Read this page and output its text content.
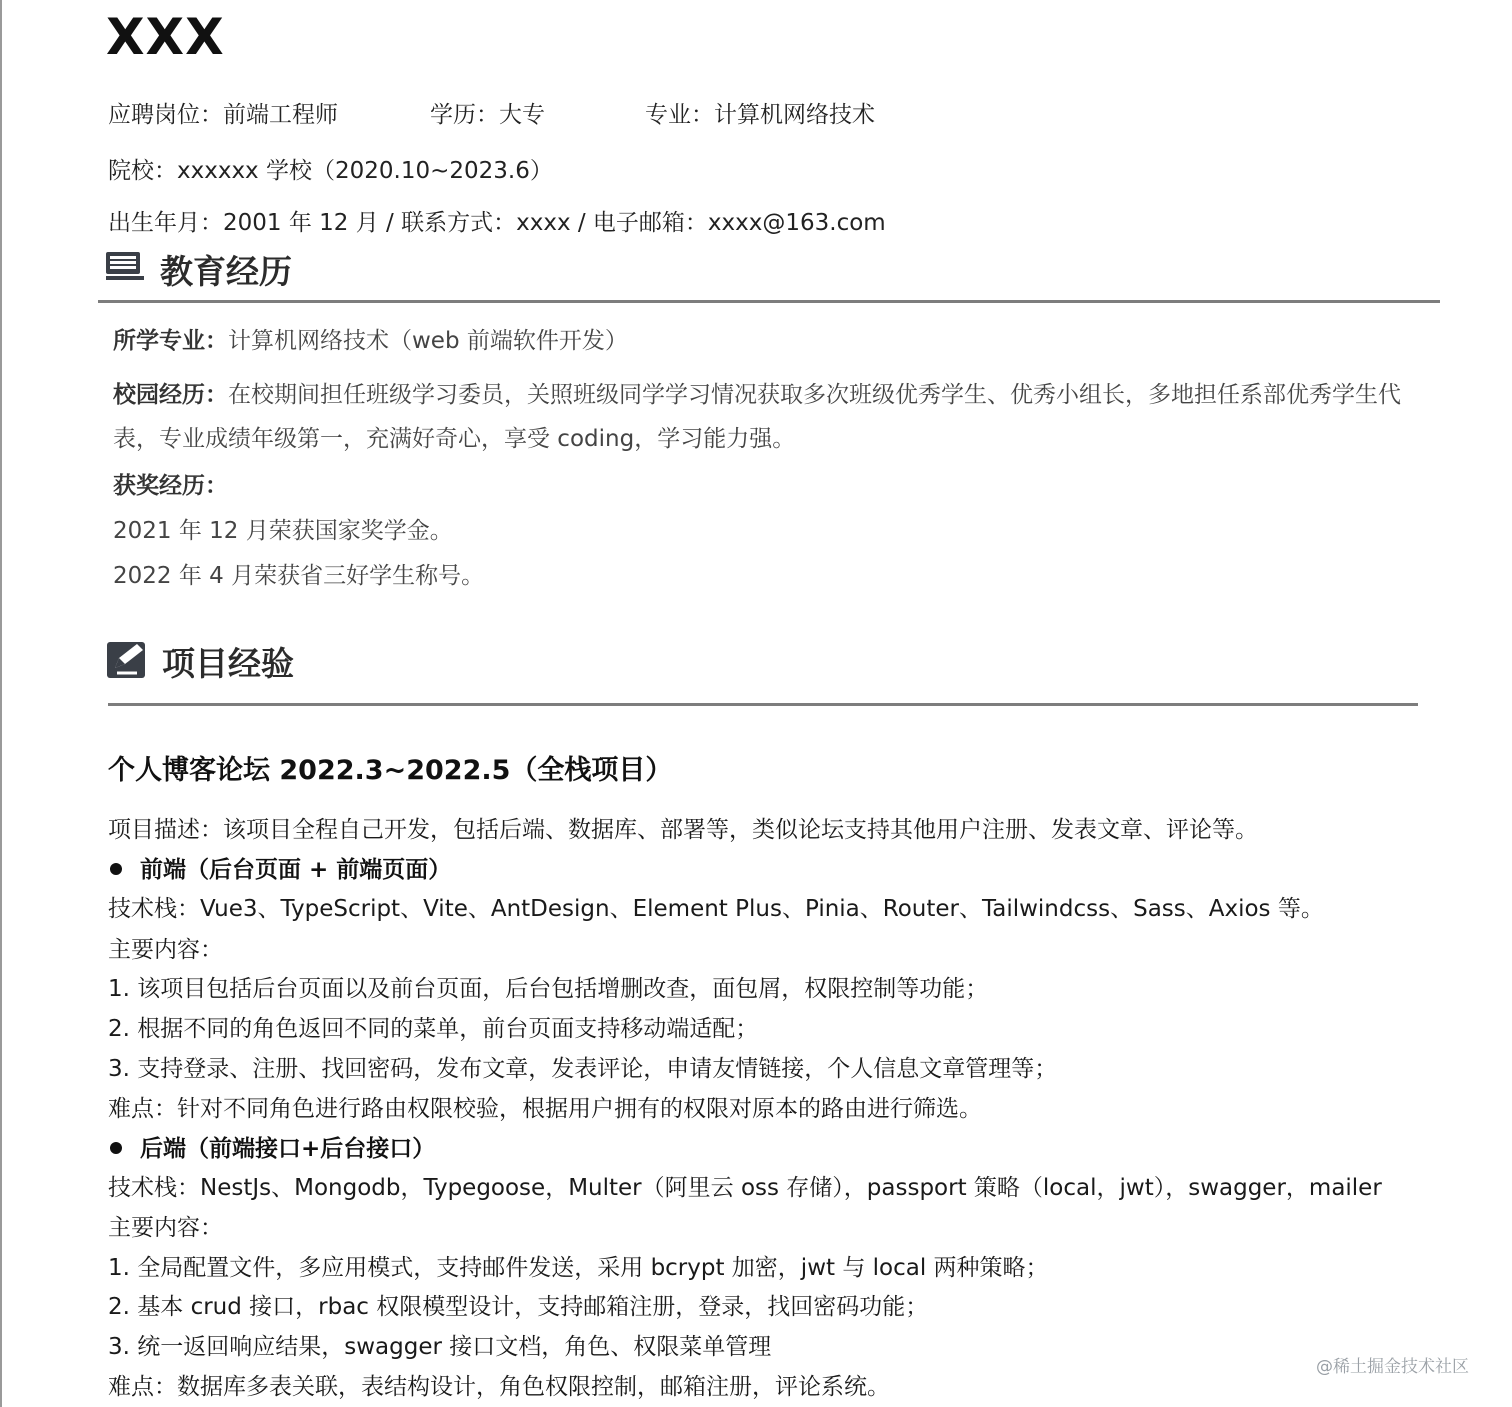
XXX
应聘岗位：前端工程师	学历：大专	专业：计算机网络技术
院校：xxxxxx 学校（2020.10~2023.6）
出生年月：2001 年 12 月 / 联系方式：xxxx / 电子邮箱：xxxx@163.com
教育经历
所学专业：计算机网络技术（web 前端软件开发）
校园经历：在校期间担任班级学习委员，关照班级同学学习情况获取多次班级优秀学生、优秀小组长，多地担任系部优秀学生代
表，专业成绩年级第一，充满好奇心，享受 coding，学习能力强。
获奖经历：
2021 年 12 月荣获国家奖学金。
2022 年 4 月荣获省三好学生称号。
项目经验
个人博客论坛 2022.3~2022.5（全栈项目）
项目描述：该项目全程自己开发，包括后端、数据库、部署等，类似论坛支持其他用户注册、发表文章、评论等。
前端（后台页面 + 前端页面）
技术栈：Vue3、TypeScript、Vite、AntDesign、Element Plus、Pinia、Router、Tailwindcss、Sass、Axios 等。
主要内容：
1. 该项目包括后台页面以及前台页面，后台包括增删改查，面包屑，权限控制等功能；
2. 根据不同的角色返回不同的菜单，前台页面支持移动端适配；
3. 支持登录、注册、找回密码，发布文章，发表评论，申请友情链接，个人信息文章管理等；
难点：针对不同角色进行路由权限校验，根据用户拥有的权限对原本的路由进行筛选。
后端（前端接口+后台接口）
技术栈：NestJs、Mongodb，Typegoose，Multer（阿里云 oss 存储），passport 策略（local，jwt），swagger，mailer
主要内容：
1. 全局配置文件，多应用模式，支持邮件发送，采用 bcrypt 加密，jwt 与 local 两种策略；
2. 基本 crud 接口，rbac 权限模型设计，支持邮箱注册，登录，找回密码功能；
3. 统一返回响应结果，swagger 接口文档，角色、权限菜单管理
难点：数据库多表关联，表结构设计，角色权限控制，邮箱注册，评论系统。
@稀土掘金技术社区
